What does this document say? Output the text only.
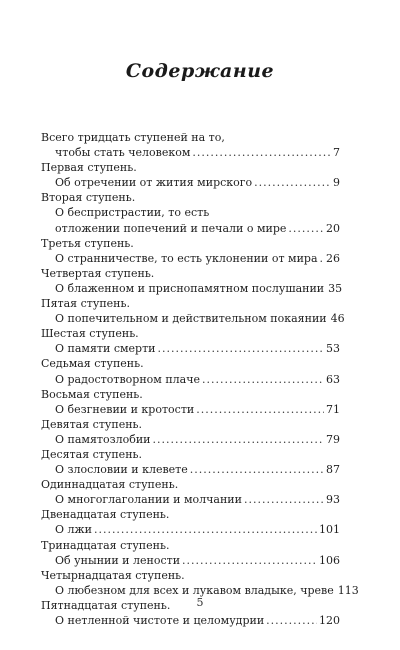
Содержание
Всего тридцать ступеней на то,
чтобы стать человеком .....	7
Первая ступень.
Об отречении от жития мирского .....	9
Вторая ступень.
О беспристрастии, то есть
отложении попечений и печали о мире .....	20
Третья ступень.
О странничестве, то есть уклонении от мира ..... 26
Четвертая ступень.
О блаженном и приснопамятном послушании 35
Пятая ступень.
О попечительном и действительном покаянии 46
Шестая ступень.
О памяти смерти .....	53
Седьмая ступень.
О радостотворном плаче .....	63
Восьмая ступень.
О безгневии и кротости .....	71
Девятая ступень.
О памятозлобии .....	79
Десятая ступень.
О злословии и клевете .....	87
Одиннадцатая ступень.
О многоглаголании и молчании .....	93
Двенадцатая ступень.
О лжи .....	101
Тринадцатая ступень.
Об унынии и лености .....	106
Четырнадцатая ступень.
О любезном для всех и лукавом владыке, чреве 113
Пятнадцатая ступень.
О нетленной чистоте и целомудрии .....	120
5
